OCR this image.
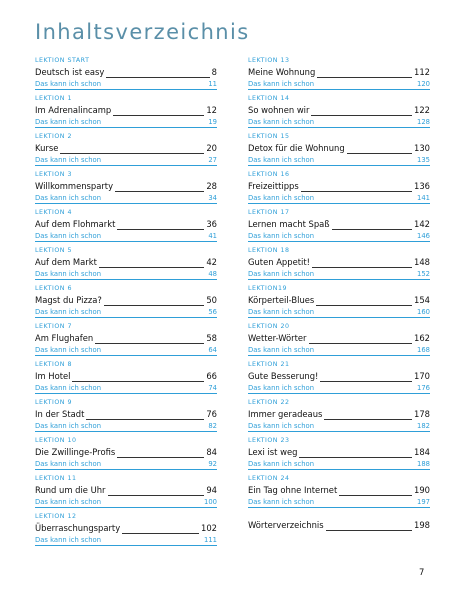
Inhaltsverzeichnis
LEKTION START
Deutsch ist easy	8
Das kann ich schon	11
LEKTION 1
Im Adrenalincamp	12
Das kann ich schon	19
LEKTION 2
Kurse	20
Das kann ich schon	27
LEKTION 3
Willkommensparty	28
Das kann ich schon	34
LEKTION 4
Auf dem Flohmarkt	36
Das kann ich schon	41
LEKTION 5
Auf dem Markt	42
Das kann ich schon	48
LEKTION 6
Magst du Pizza?	50
Das kann ich schon	56
LEKTION 7
Am Flughafen	58
Das kann ich schon	64
LEKTION 8
Im Hotel	66
Das kann ich schon	74
LEKTION 9
In der Stadt	76
Das kann ich schon	82
LEKTION 10
Die Zwillinge-Profis	84
Das kann ich schon	92
LEKTION 11
Rund um die Uhr	94
Das kann ich schon	100
LEKTION 12
Überraschungsparty	102
Das kann ich schon	111
LEKTION 13
Meine Wohnung	112
Das kann ich schon	120
LEKTION 14
So wohnen wir	122
Das kann ich schon	128
LEKTION 15
Detox für die Wohnung	130
Das kann ich schon	135
LEKTION 16
Freizeittipps	136
Das kann ich schon	141
LEKTION 17
Lernen macht Spaß	142
Das kann ich schon	146
LEKTION 18
Guten Appetit!	148
Das kann ich schon	152
LEKTION19
Körperteil-Blues	154
Das kann ich schon	160
LEKTION 20
Wetter-Wörter	162
Das kann ich schon	168
LEKTION 21
Gute Besserung!	170
Das kann ich schon	176
LEKTION 22
Immer geradeaus	178
Das kann ich schon	182
LEKTION 23
Lexi ist weg	184
Das kann ich schon	188
LEKTION 24
Ein Tag ohne Internet	190
Das kann ich schon	197
Wörterverzeichnis	198
7
